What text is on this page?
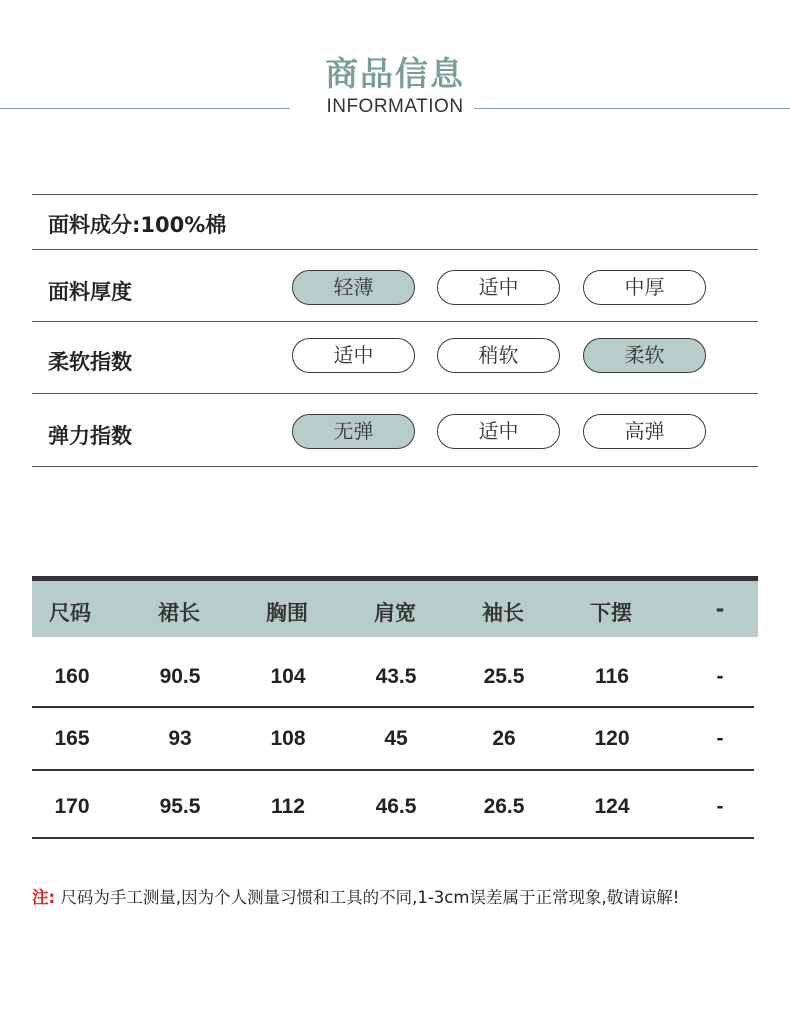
商品信息
INFORMATION
面料成分:100%棉
面料厚度	轻薄	适中	中厚
柔软指数	适中	稍软	柔软
弹力指数	无弹	适中	高弹
尺码	裙长	胸围	肩宽	袖长	下摆	-
160	90.5	104	43.5	25.5	116	-
165	93	108	45	26	120	-
170	95.5	112	46.5	26.5	124	-
注: 尺码为手工测量,因为个人测量习惯和工具的不同,1-3cm误差属于正常现象,敬请谅解!
